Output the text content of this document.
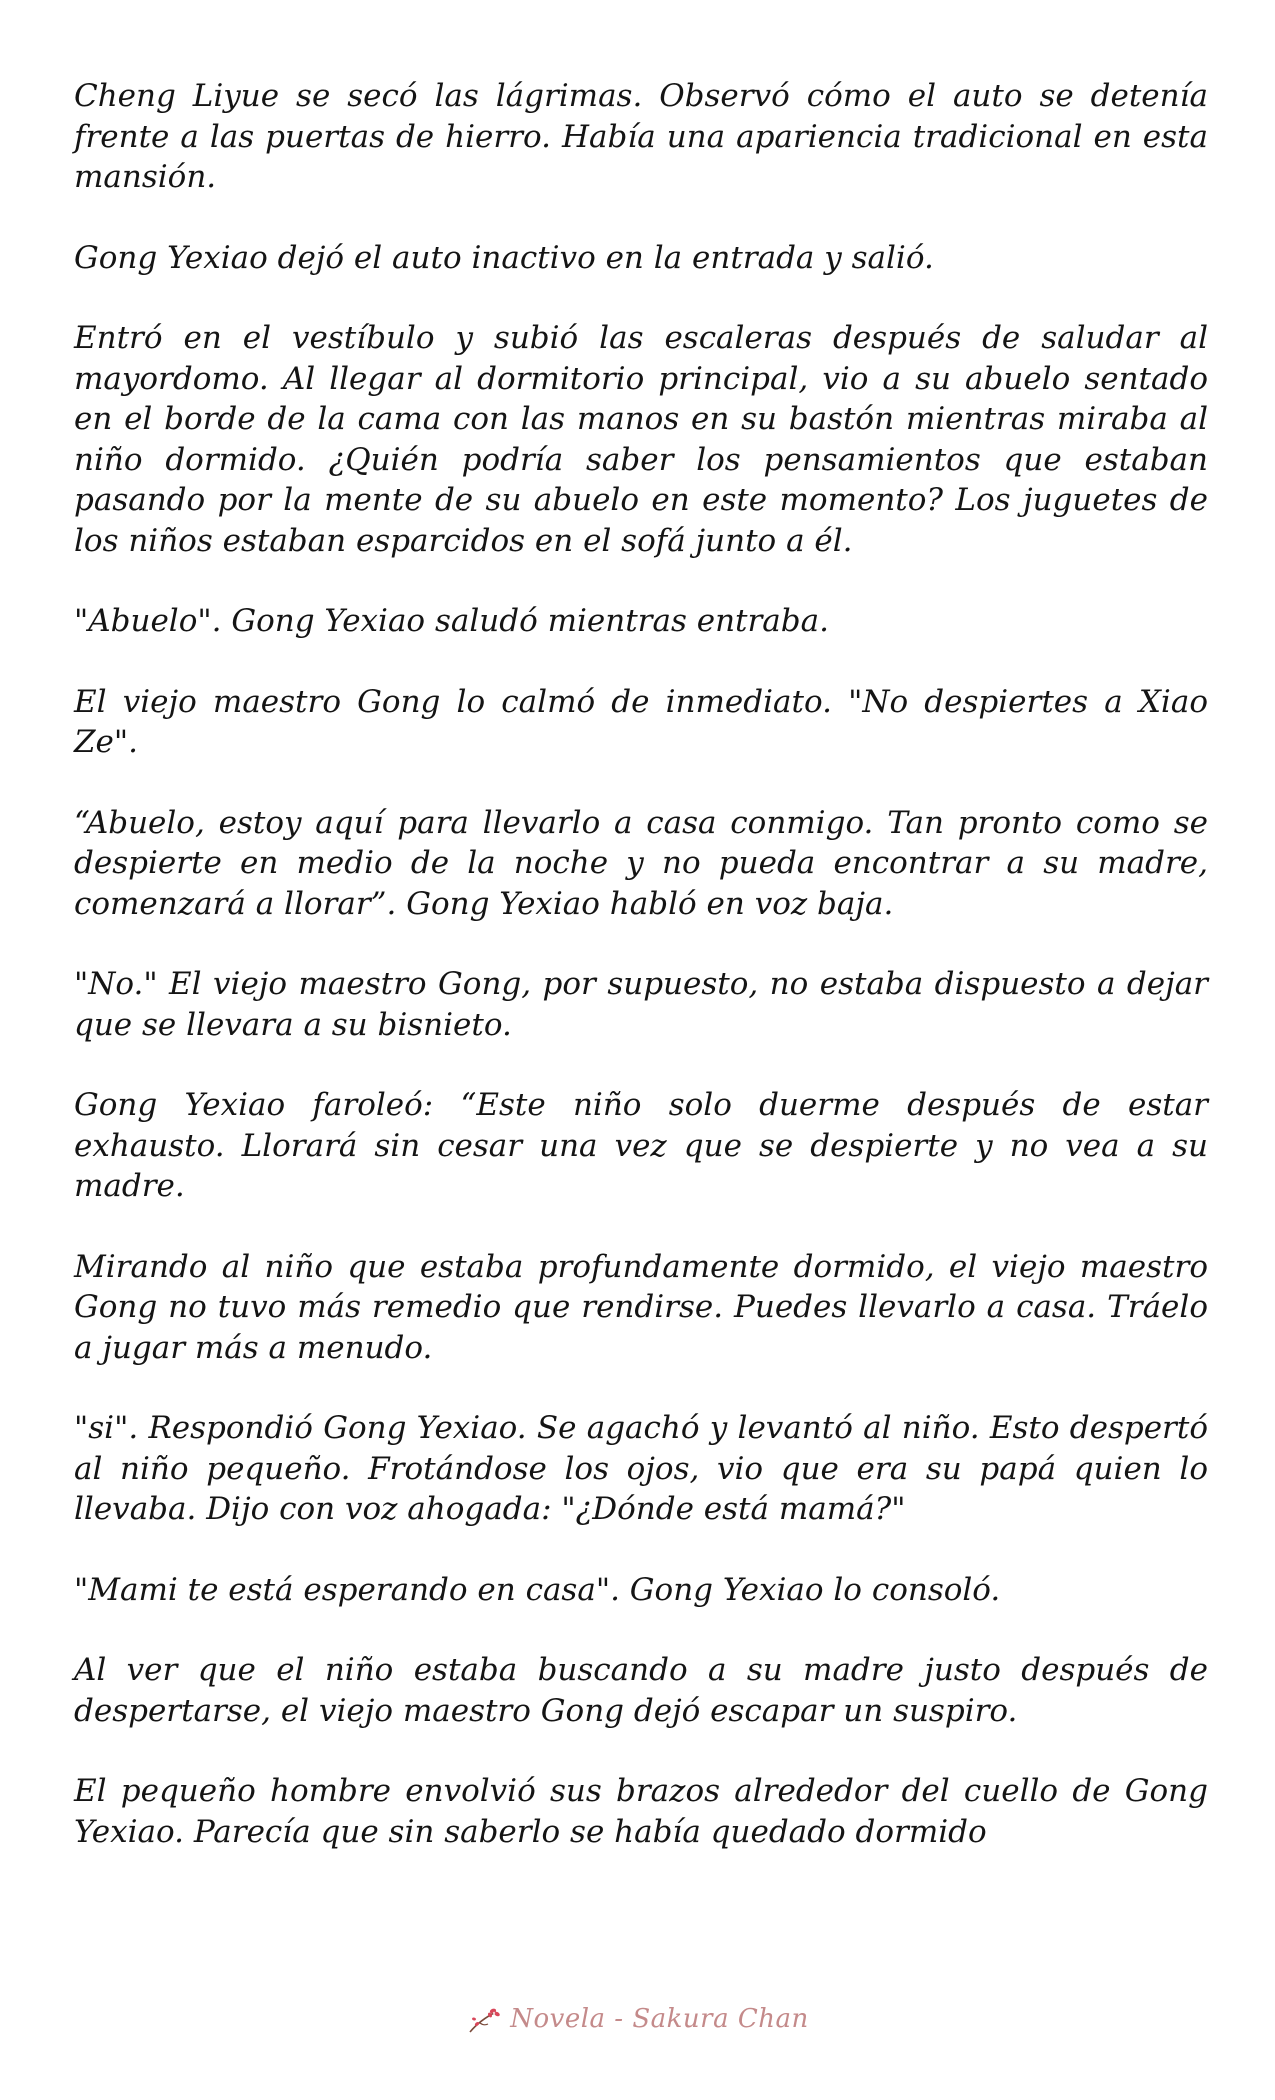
Cheng Liyue se secó las lágrimas. Observó cómo el auto se detenía frente a las puertas de hierro. Había una apariencia tradicional en esta mansión.

Gong Yexiao dejó el auto inactivo en la entrada y salió.

Entró en el vestíbulo y subió las escaleras después de saludar al mayordomo. Al llegar al dormitorio principal, vio a su abuelo sentado en el borde de la cama con las manos en su bastón mientras miraba al niño dormido. ¿Quién podría saber los pensamientos que estaban pasando por la mente de su abuelo en este momento? Los juguetes de los niños estaban esparcidos en el sofá junto a él.

"Abuelo". Gong Yexiao saludó mientras entraba.

El viejo maestro Gong lo calmó de inmediato. "No despiertes a Xiao Ze".

“Abuelo, estoy aquí para llevarlo a casa conmigo. Tan pronto como se despierte en medio de la noche y no pueda encontrar a su madre, comenzará a llorar”. Gong Yexiao habló en voz baja.

"No." El viejo maestro Gong, por supuesto, no estaba dispuesto a dejar que se llevara a su bisnieto.

Gong Yexiao faroleó: “Este niño solo duerme después de estar exhausto. Llorará sin cesar una vez que se despierte y no vea a su madre.

Mirando al niño que estaba profundamente dormido, el viejo maestro Gong no tuvo más remedio que rendirse. Puedes llevarlo a casa. Tráelo a jugar más a menudo.

"si". Respondió Gong Yexiao. Se agachó y levantó al niño. Esto despertó al niño pequeño. Frotándose los ojos, vio que era su papá quien lo llevaba. Dijo con voz ahogada: "¿Dónde está mamá?"

"Mami te está esperando en casa". Gong Yexiao lo consoló.

Al ver que el niño estaba buscando a su madre justo después de despertarse, el viejo maestro Gong dejó escapar un suspiro.

El pequeño hombre envolvió sus brazos alrededor del cuello de Gong Yexiao. Parecía que sin saberlo se había quedado dormido

Novela - Sakura Chan
